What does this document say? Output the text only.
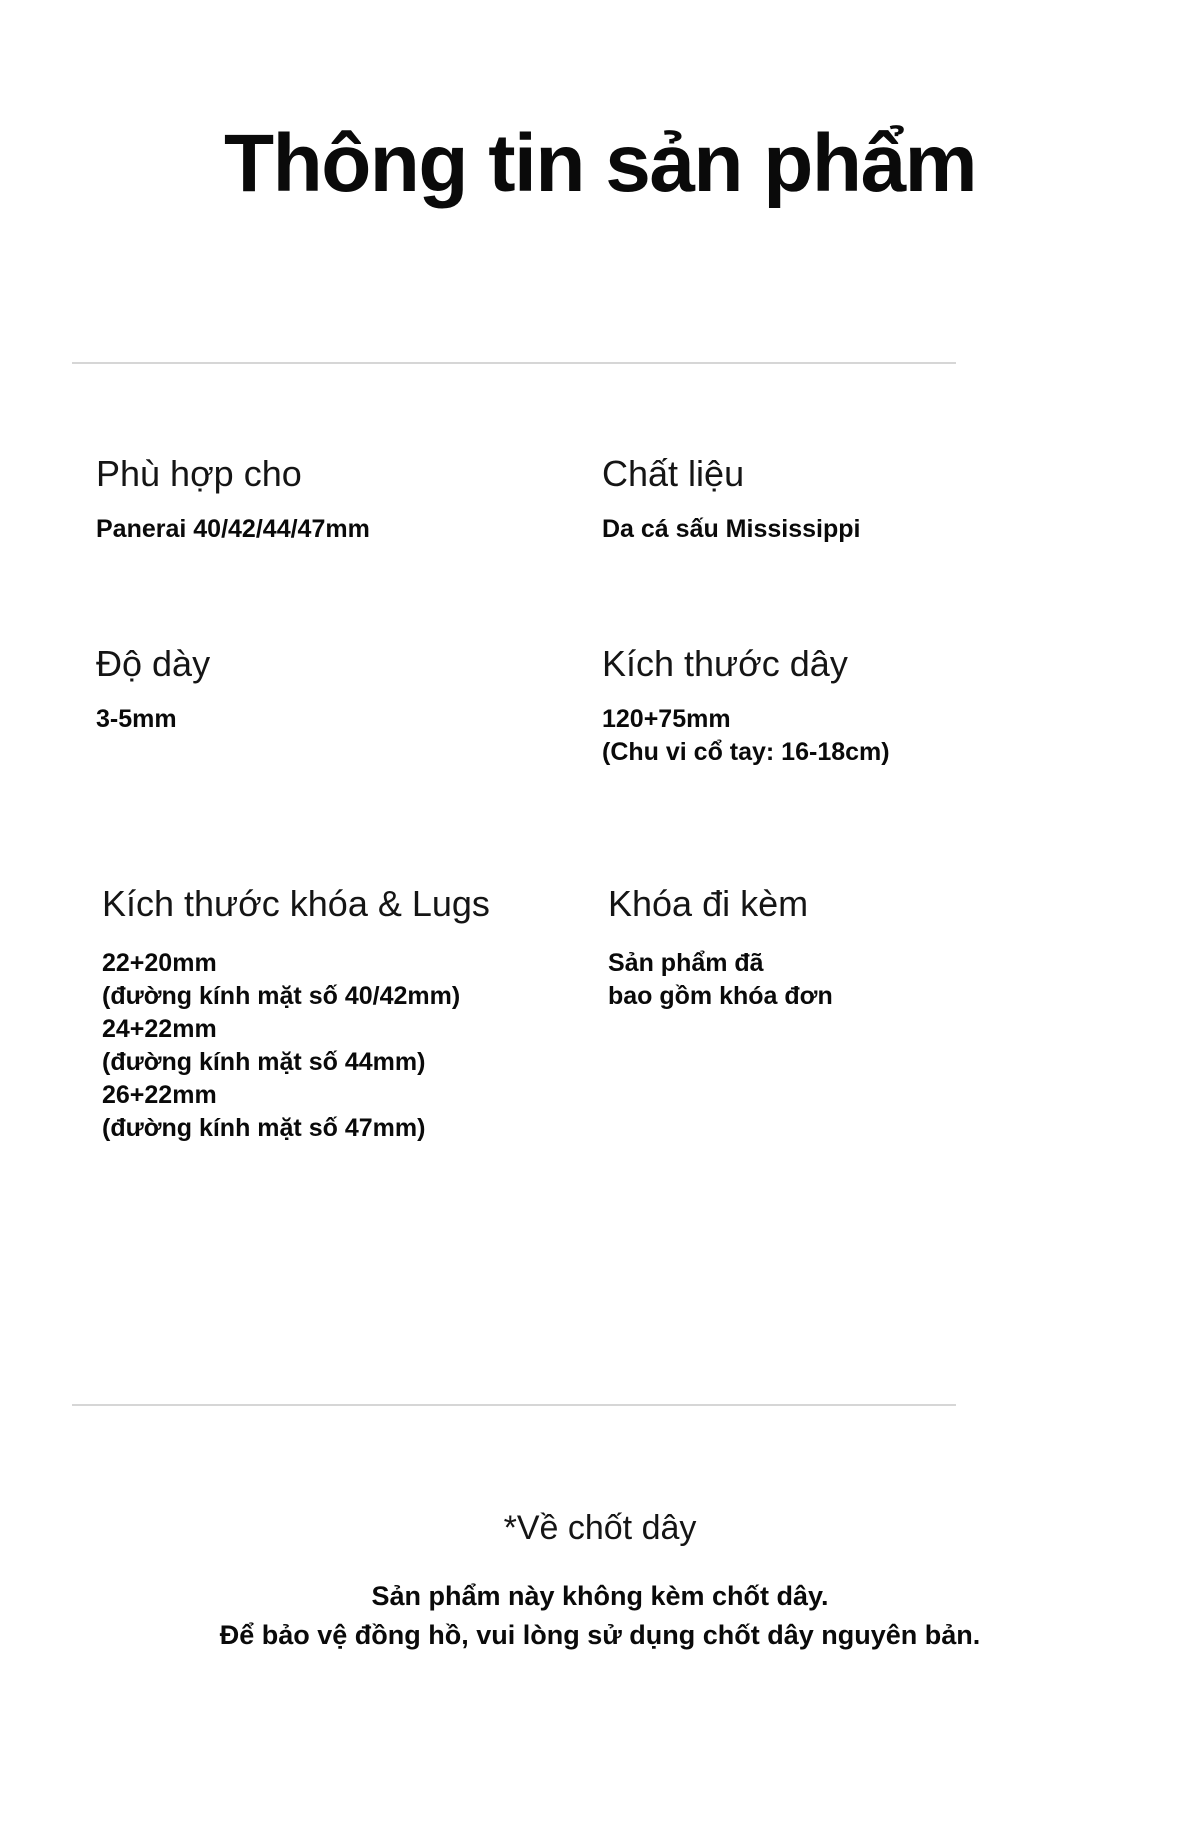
Thông tin sản phẩm
Phù hợp cho
Panerai 40/42/44/47mm
Chất liệu
Da cá sấu Mississippi
Độ dày
3-5mm
Kích thước dây
120+75mm
(Chu vi cổ tay: 16-18cm)
Kích thước khóa & Lugs
22+20mm
(đường kính mặt số 40/42mm)
24+22mm
(đường kính mặt số 44mm)
26+22mm
(đường kính mặt số 47mm)
Khóa đi kèm
Sản phẩm đã
bao gồm khóa đơn
*Về chốt dây
Sản phẩm này không kèm chốt dây.
Để bảo vệ đồng hồ, vui lòng sử dụng chốt dây nguyên bản.
